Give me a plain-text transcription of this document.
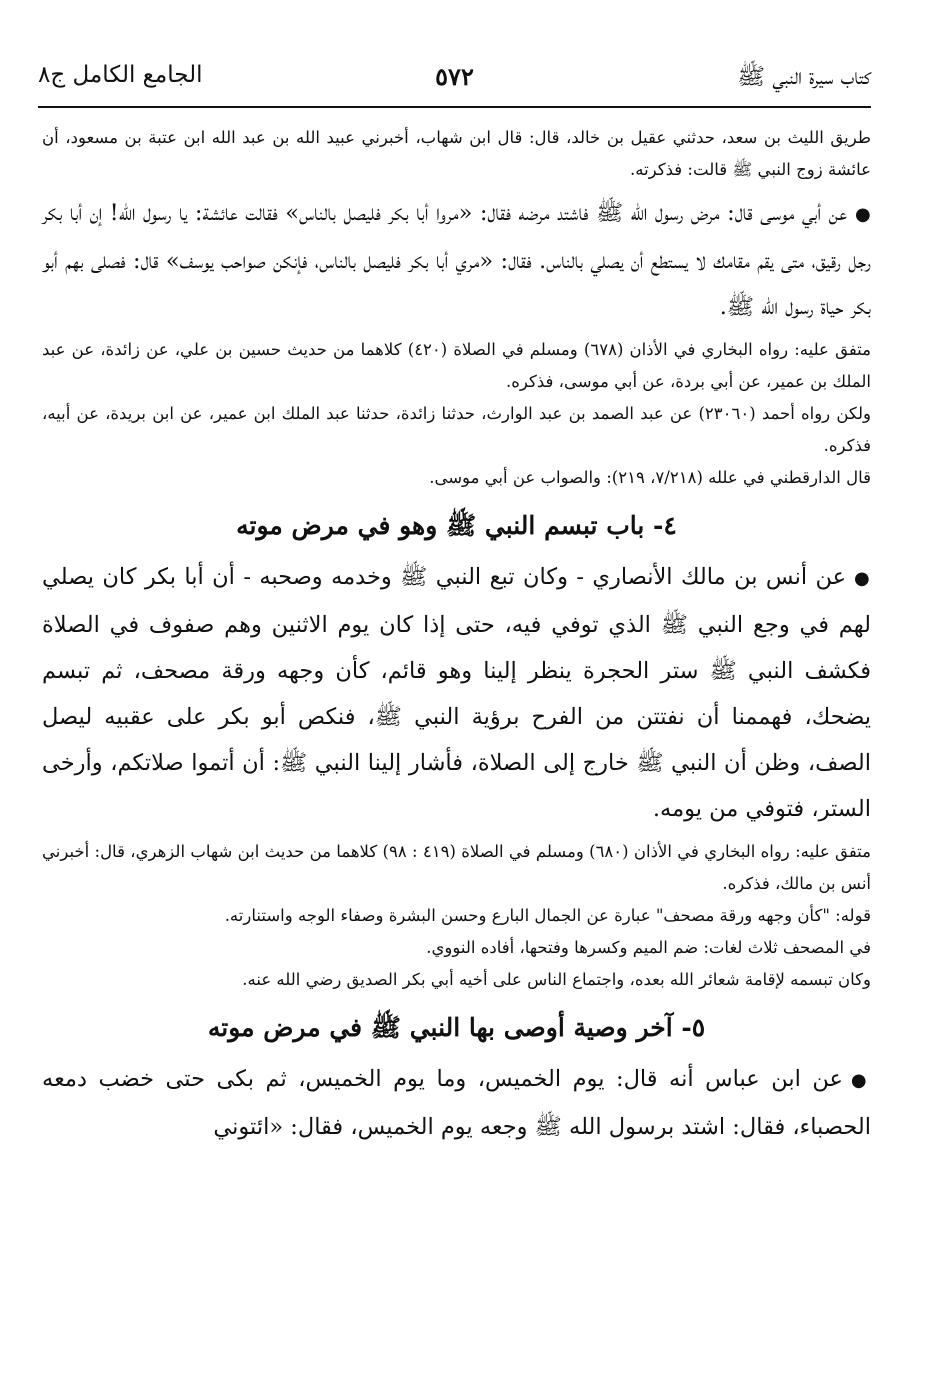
كتاب سيرة النبي ﷺ
٥٧٢
الجامع الكامل ج٨

طريق الليث بن سعد، حدثني عقيل بن خالد، قال: قال ابن شهاب، أخبرني عبيد الله بن عبد الله ابن عتبة بن مسعود، أن عائشة زوج النبي ﷺ قالت: فذكرته.

●عن أبي موسى قال: مرض رسول الله ﷺ فاشتد مرضه فقال: «مروا أبا بكر فليصل بالناس» فقالت عائشة: يا رسول الله! إن أبا بكر رجل رقيق، متى يقم مقامك لا يستطع أن يصلي بالناس. فقال: «مري أبا بكر فليصل بالناس، فإنكن صواحب يوسف» قال: فصلى بهم أبو بكر حياة رسول الله ﷺ.

متفق عليه: رواه البخاري في الأذان (٦٧٨) ومسلم في الصلاة (٤٢٠) كلاهما من حديث حسين بن علي، عن زائدة، عن عبد الملك بن عمير، عن أبي بردة، عن أبي موسى، فذكره.

ولكن رواه أحمد (٢٣٠٦٠) عن عبد الصمد بن عبد الوارث، حدثنا زائدة، حدثنا عبد الملك ابن عمير، عن ابن بريدة، عن أبيه، فذكره.

قال الدارقطني في علله (٧/٢١٨، ٢١٩): والصواب عن أبي موسى.

٤- باب تبسم النبي ﷺ وهو في مرض موته

●عن أنس بن مالك الأنصاري - وكان تبع النبي ﷺ وخدمه وصحبه - أن أبا بكر كان يصلي لهم في وجع النبي ﷺ الذي توفي فيه، حتى إذا كان يوم الاثنين وهم صفوف في الصلاة فكشف النبي ﷺ ستر الحجرة ينظر إلينا وهو قائم، كأن وجهه ورقة مصحف، ثم تبسم يضحك، فهممنا أن نفتتن من الفرح برؤية النبي ﷺ، فنكص أبو بكر على عقبيه ليصل الصف، وظن أن النبي ﷺ خارج إلى الصلاة، فأشار إلينا النبي ﷺ: أن أتموا صلاتكم، وأرخى الستر، فتوفي من يومه.

متفق عليه: رواه البخاري في الأذان (٦٨٠) ومسلم في الصلاة (٤١٩ : ٩٨) كلاهما من حديث ابن شهاب الزهري، قال: أخبرني أنس بن مالك، فذكره.

قوله: "كأن وجهه ورقة مصحف" عبارة عن الجمال البارع وحسن البشرة وصفاء الوجه واستنارته.

في المصحف ثلاث لغات: ضم الميم وكسرها وفتحها، أفاده النووي.

وكان تبسمه لإقامة شعائر الله بعده، واجتماع الناس على أخيه أبي بكر الصديق رضي الله عنه.

٥- آخر وصية أوصى بها النبي ﷺ في مرض موته

●عن ابن عباس أنه قال: يوم الخميس، وما يوم الخميس، ثم بكى حتى خضب دمعه الحصباء، فقال: اشتد برسول الله ﷺ وجعه يوم الخميس، فقال: «ائتوني
